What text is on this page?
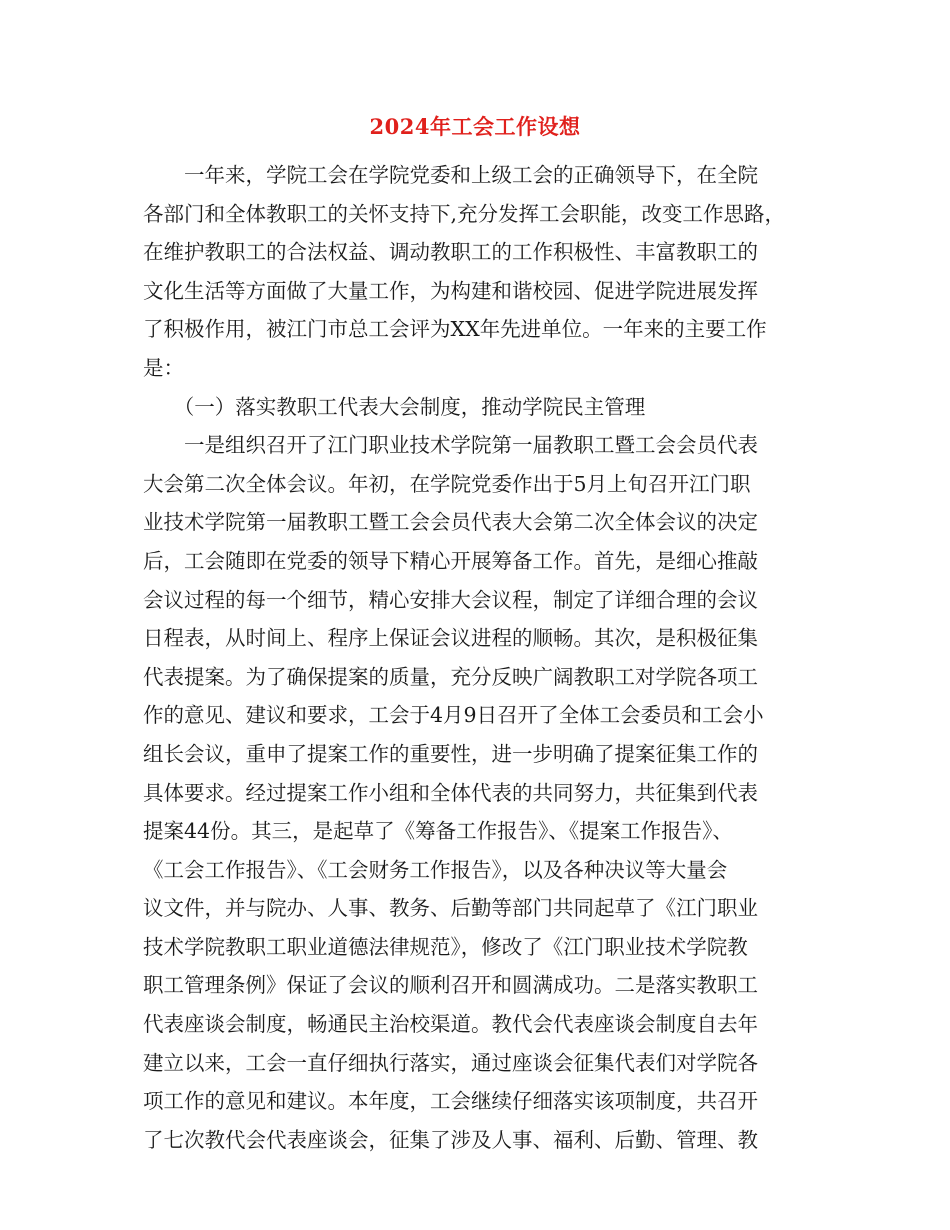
2024年工会工作设想
　　一年来，学院工会在学院党委和上级工会的正确领导下，在全院
各部门和全体教职工的关怀支持下,充分发挥工会职能，改变工作思路，
在维护教职工的合法权益、调动教职工的工作积极性、丰富教职工的
文化生活等方面做了大量工作，为构建和谐校园、促进学院进展发挥
了积极作用，被江门市总工会评为XX年先进单位。一年来的主要工作
是：
　　（一）落实教职工代表大会制度，推动学院民主管理
　　一是组织召开了江门职业技术学院第一届教职工暨工会会员代表
大会第二次全体会议。年初，在学院党委作出于5月上旬召开江门职
业技术学院第一届教职工暨工会会员代表大会第二次全体会议的决定
后，工会随即在党委的领导下精心开展筹备工作。首先，是细心推敲
会议过程的每一个细节，精心安排大会议程，制定了详细合理的会议
日程表，从时间上、程序上保证会议进程的顺畅。其次，是积极征集
代表提案。为了确保提案的质量，充分反映广阔教职工对学院各项工
作的意见、建议和要求，工会于4月9日召开了全体工会委员和工会小
组长会议，重申了提案工作的重要性，进一步明确了提案征集工作的
具体要求。经过提案工作小组和全体代表的共同努力，共征集到代表
提案44份。其三，是起草了《筹备工作报告》、《提案工作报告》、
《工会工作报告》、《工会财务工作报告》，以及各种决议等大量会
议文件，并与院办、人事、教务、后勤等部门共同起草了《江门职业
技术学院教职工职业道德法律规范》，修改了《江门职业技术学院教
职工管理条例》保证了会议的顺利召开和圆满成功。二是落实教职工
代表座谈会制度，畅通民主治校渠道。教代会代表座谈会制度自去年
建立以来，工会一直仔细执行落实，通过座谈会征集代表们对学院各
项工作的意见和建议。本年度，工会继续仔细落实该项制度，共召开
了七次教代会代表座谈会，征集了涉及人事、福利、后勤、管理、教
